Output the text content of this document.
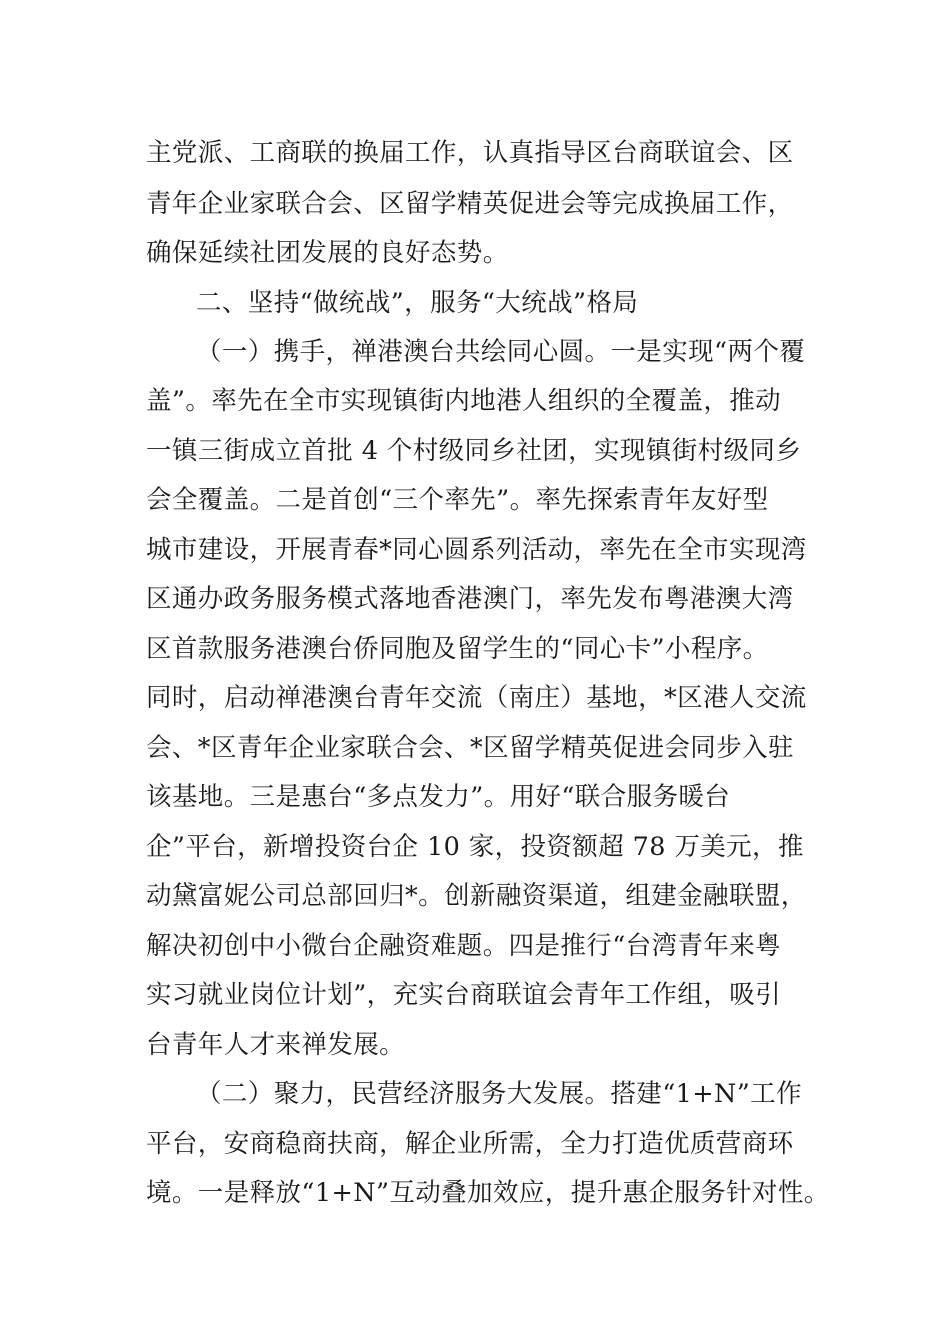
主党派、工商联的换届工作，认真指导区台商联谊会、区
青年企业家联合会、区留学精英促进会等完成换届工作，
确保延续社团发展的良好态势。
二、坚持“做统战”，服务“大统战”格局
（一）携手，禅港澳台共绘同心圆。一是实现“两个覆
盖”。率先在全市实现镇街内地港人组织的全覆盖，推动
一镇三街成立首批 4 个村级同乡社团，实现镇街村级同乡
会全覆盖。二是首创“三个率先”。率先探索青年友好型
城市建设，开展青春*同心圆系列活动，率先在全市实现湾
区通办政务服务模式落地香港澳门，率先发布粤港澳大湾
区首款服务港澳台侨同胞及留学生的“同心卡”小程序。
同时，启动禅港澳台青年交流（南庄）基地，*区港人交流
会、*区青年企业家联合会、*区留学精英促进会同步入驻
该基地。三是惠台“多点发力”。用好“联合服务暖台
企”平台，新增投资台企 10 家，投资额超 78 万美元，推
动黛富妮公司总部回归*。创新融资渠道，组建金融联盟，
解决初创中小微台企融资难题。四是推行“台湾青年来粤
实习就业岗位计划”，充实台商联谊会青年工作组，吸引
台青年人才来禅发展。
（二）聚力，民营经济服务大发展。搭建“1+N”工作
平台，安商稳商扶商，解企业所需，全力打造优质营商环
境。一是释放“1+N”互动叠加效应，提升惠企服务针对性。
